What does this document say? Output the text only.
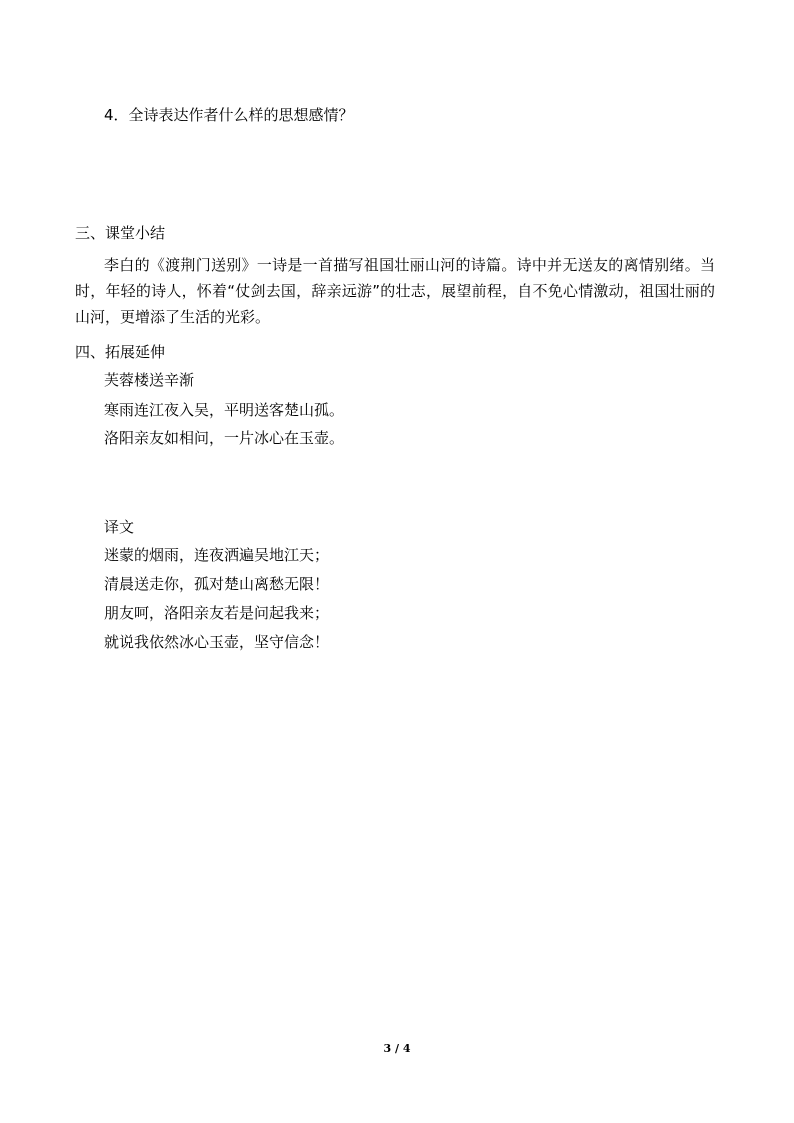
4．全诗表达作者什么样的思想感情？
三、课堂小结
李白的《渡荆门送别》一诗是一首描写祖国壮丽山河的诗篇。诗中并无送友的离情别绪。当时，年轻的诗人，怀着“仗剑去国，辞亲远游”的壮志，展望前程，自不免心情激动，祖国壮丽的山河，更增添了生活的光彩。
四、拓展延伸
芙蓉楼送辛渐
寒雨连江夜入吴，平明送客楚山孤。
洛阳亲友如相问，一片冰心在玉壶。
译文
迷蒙的烟雨，连夜洒遍吴地江天；
清晨送走你，孤对楚山离愁无限！
朋友呵，洛阳亲友若是问起我来；
就说我依然冰心玉壶，坚守信念！
3 / 4
